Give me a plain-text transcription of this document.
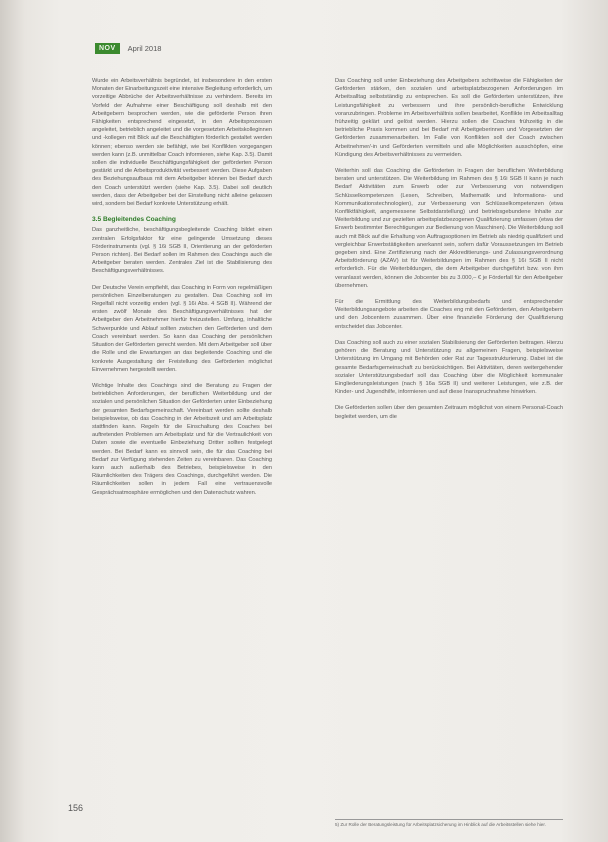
NOV	April 2018

Wurde ein Arbeitsverhältnis begründet, ist insbesondere in den ersten Monaten der Einarbeitungszeit eine intensive Begleitung erforderlich, um vorzeitige Abbrüche der Arbeitsverhältnisse zu verhindern. Bereits im Vorfeld der Aufnahme einer Beschäftigung soll deshalb mit den Arbeitgebern besprochen werden, wie die geförderte Person ihren Fähigkeiten entsprechend eingesetzt, in den Arbeitsprozessen angeleitet, betrieblich angeleitet und die vorgesetzten Arbeitskolleginnen und -kollegen mit Blick auf die Beschäftigten förderlich gestaltet werden können; ebenso werden sie befähigt, wie bei Konflikten vorgegangen werden kann (z.B. unmittelbar Coach informieren, siehe Kap. 3.5). Damit sollen die individuelle Beschäftigungsfähigkeit der geförderten Person gestärkt und die Arbeitsproduktivität verbessert werden. Diese Aufgaben des Beziehungsaufbaus mit dem Arbeitgeber können bei Bedarf durch den Coach unterstützt werden (siehe Kap. 3.5). Dabei soll deutlich werden, dass der Arbeitgeber bei der Einstellung nicht alleine gelassen wird, sondern bei Bedarf konkrete Unterstützung erhält.

3.5 Begleitendes Coaching

Das ganzheitliche, beschäftigungsbegleitende Coaching bildet einen zentralen Erfolgsfaktor für eine gelingende Umsetzung dieses Förderinstruments (vgl. § 16i SGB II, Orientierung an der geförderten Person richten). Bei Bedarf sollen im Rahmen des Coachings auch die Arbeitgeber beraten werden. Zentrales Ziel ist die Stabilisierung des Beschäftigungsverhältnisses.

Der Deutsche Verein empfiehlt, das Coaching in Form von regelmäßigen persönlichen Einzelberatungen zu gestalten. Das Coaching soll im Regelfall nicht vorzeitig enden (vgl. § 16i Abs. 4 SGB II). Während der ersten zwölf Monate des Beschäftigungsverhältnisses hat der Arbeitgeber den Arbeitnehmer hierfür freizustellen. Umfang, inhaltliche Schwerpunkte und Ablauf sollten zwischen den Geförderten und dem Coach vereinbart werden. So kann das Coaching der persönlichen Situation der Geförderten gerecht werden. Mit dem Arbeitgeber soll über die Rolle und die Erwartungen an das begleitende Coaching und die konkrete Ausgestaltung der Freistellung des Geförderten möglichst Einvernehmen hergestellt werden.

Wichtige Inhalte des Coachings sind die Beratung zu Fragen der betrieblichen Anforderungen, der beruflichen Weiterbildung und der sozialen und persönlichen Situation der Geförderten unter Einbeziehung der gesamten Bedarfsgemeinschaft. Vereinbart werden sollte deshalb beispielsweise, ob das Coaching in der Arbeitszeit und am Arbeitsplatz stattfinden kann. Regeln für die Einschaltung des Coaches bei auftretenden Problemen am Arbeitsplatz und für die Vertraulichkeit von Daten sowie die eventuelle Einbeziehung Dritter sollten festgelegt werden. Bei Bedarf kann es sinnvoll sein, die für das Coaching bei Bedarf zur Verfügung stehenden Zeiten zu vereinbaren. Das Coaching kann auch außerhalb des Betriebes, beispielsweise in den Räumlichkeiten des Trägers des Coachings, durchgeführt werden. Die Räumlichkeiten sollen in jedem Fall eine vertrauensvolle Gesprächsatmosphäre ermöglichen und den Datenschutz wahren.

Das Coaching soll unter Einbeziehung des Arbeitgebers schrittweise die Fähigkeiten der Geförderten stärken, den sozialen und arbeitsplatzbezogenen Anforderungen im Arbeitsalltag selbstständig zu entsprechen. Es soll die Geförderten unterstützen, ihre Leistungsfähigkeit zu verbessern und ihre persönlich-berufliche Entwicklung voranzubringen. Probleme im Arbeitsverhältnis sollen bearbeitet, Konflikte im Arbeitsalltag frühzeitig geklärt und gelöst werden. Hierzu sollen die Coaches frühzeitig in die betriebliche Praxis kommen und bei Bedarf mit Arbeitgeberinnen und Vorgesetzten der Geförderten zusammenarbeiten. Im Falle von Konflikten soll der Coach zwischen Arbeitnehmer/-in und Geförderten vermitteln und alle Möglichkeiten ausschöpfen, eine Kündigung des Arbeitsverhältnisses zu vermeiden.

Weiterhin soll das Coaching die Geförderten in Fragen der beruflichen Weiterbildung beraten und unterstützen. Die Weiterbildung im Rahmen des § 16i SGB II kann je nach Bedarf Aktivitäten zum Erwerb oder zur Verbesserung von notwendigen Schlüsselkompetenzen (Lesen, Schreiben, Mathematik und Informations- und Kommunikationstechnologien), zur Verbesserung von Schlüsselkompetenzen (etwa Konfliktfähigkeit, angemessene Selbstdarstellung) und betriebsgebundene Inhalte zur Weiterbildung und zur gezielten arbeitsplatzbezogenen Qualifizierung umfassen (etwa der Erwerb bestimmter Berechtigungen zur Bedienung von Maschinen). Die Weiterbildung soll auch mit Blick auf die Erhaltung von Auftragsoptionen im Betrieb als niedrig qualifiziert und vergleichbar Erwerbstätigkeiten anerkannt sein, sofern dafür Voraussetzungen im Betrieb gegeben sind. Eine Zertifizierung nach der Akkreditierungs- und Zulassungsverordnung Arbeitsförderung (AZAV) ist für Weiterbildungen im Rahmen des § 16i SGB II nicht erforderlich. Für die Weiterbildungen, die dem Arbeitgeber durchgeführt bzw. von ihm veranlasst werden, können die Jobcenter bis zu 3.000,– € je Förderfall für den Arbeitgeber übernehmen.

Für die Ermittlung des Weiterbildungsbedarfs und entsprechender Weiterbildungsangebote arbeiten die Coaches eng mit den Geförderten, den Arbeitgebern und den Jobcentern zusammen. Über eine finanzielle Förderung der Qualifizierung entscheidet das Jobcenter.

Das Coaching soll auch zu einer sozialen Stabilisierung der Geförderten beitragen. Hierzu gehören die Beratung und Unterstützung zu allgemeinen Fragen, beispielsweise Unterstützung im Umgang mit Behörden oder Rat zur Tagesstrukturierung. Dabei ist die gesamte Bedarfsgemeinschaft zu berücksichtigen. Bei Aktivitäten, deren weitergehender sozialer Unterstützungsbedarf soll das Coaching über die Möglichkeit kommunaler Eingliederungsleistungen (nach § 16a SGB II) und weiterer Leistungen, wie z.B. der Kinder- und Jugendhilfe, informieren und auf diese Inanspruchnahme hinwirken.

Die Geförderten sollen über den gesamten Zeitraum möglichst von einem Personal-Coach begleitet werden, um die

5) Zur Rolle der Beratungsleistung für Arbeitsplatzsicherung im Hinblick auf die Arbeitsstellen siehe hier.
156
